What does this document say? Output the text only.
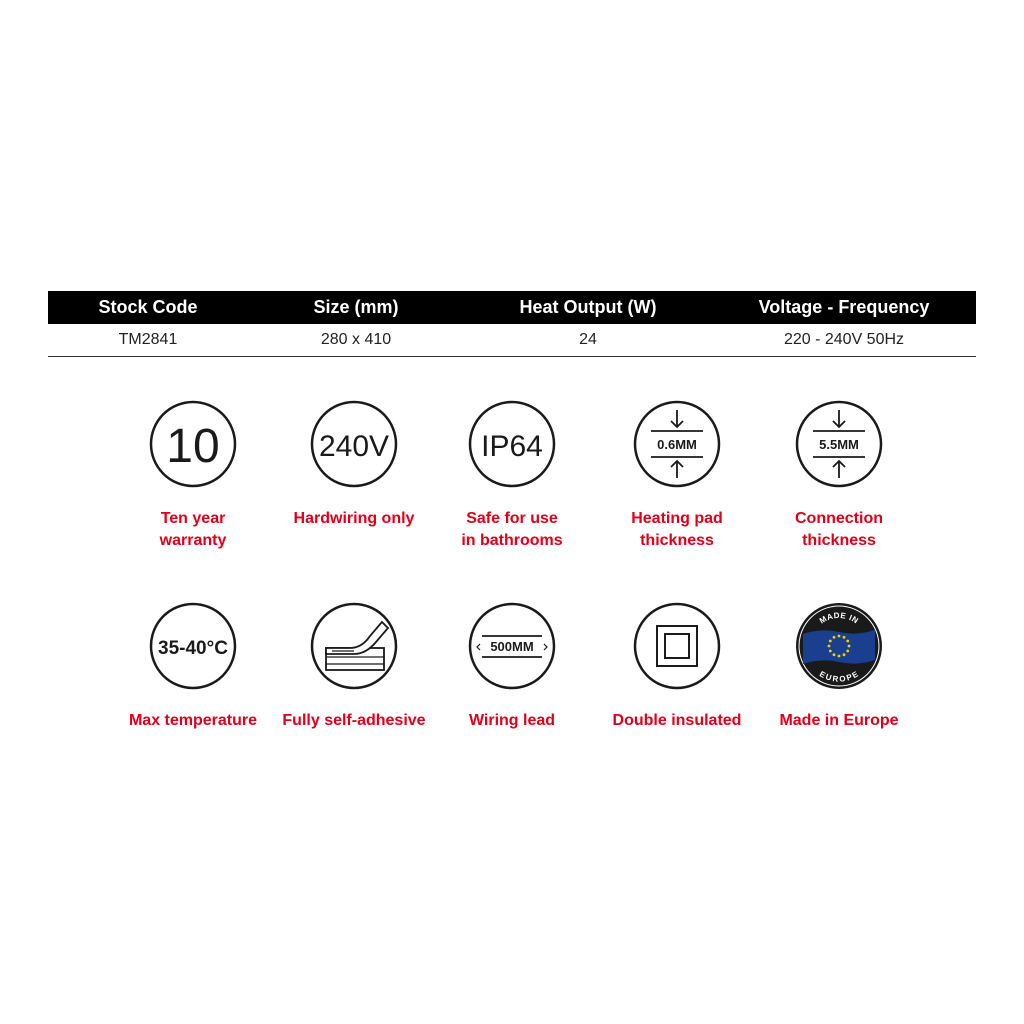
Stock Code	Size (mm)	Heat Output (W)	Voltage - Frequency
TM2841	280 x 410	24	220 - 240V 50Hz
10
Ten year
warranty
240V
Hardwiring only
IP64
Safe for use
in bathrooms
0.6MM
Heating pad
thickness
5.5MM
Connection
thickness
35-40°C
Max temperature	Fully self-adhesive
500MM
Wiring lead	Double insulated
MADE IN
EUROPE
Made in Europe
